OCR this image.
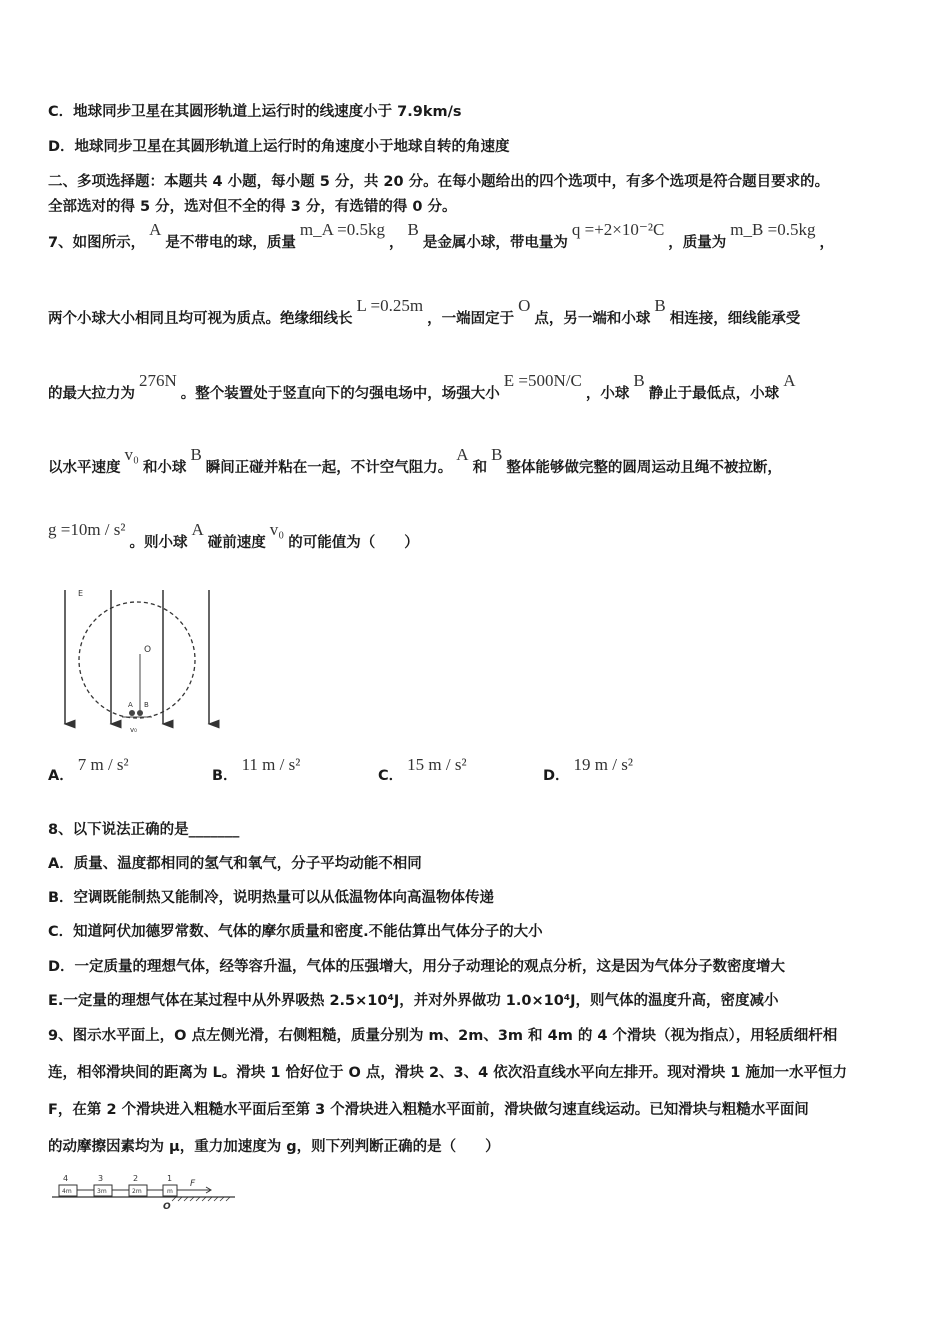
C．地球同步卫星在其圆形轨道上运行时的线速度小于 7.9km/s
D．地球同步卫星在其圆形轨道上运行时的角速度小于地球自转的角速度
二、多项选择题：本题共 4 小题，每小题 5 分，共 20 分。在每小题给出的四个选项中，有多个选项是符合题目要求的。
全部选对的得 5 分，选对但不全的得 3 分，有选错的得 0 分。
7、如图所示，A是不带电的球，质量m_A =0.5kg，B是金属小球，带电量为q =+2×10⁻²C，质量为m_B =0.5kg，
两个小球大小相同且均可视为质点。绝缘细线长L =0.25m，一端固定于O点，另一端和小球B相连接，细线能承受
的最大拉力为276N。整个装置处于竖直向下的匀强电场中，场强大小E =500N/C，小球B静止于最低点，小球A
以水平速度v₀和小球B瞬间正碰并粘在一起，不计空气阻力。A和B整体能够做完整的圆周运动且绳不被拉断，
g =10m / s²。则小球A碰前速度v₀的可能值为（　　）
E
O
A B
v₀
A．7 m / s²
B．11 m / s²
C．15 m / s²
D．19 m / s²
8、以下说法正确的是_______
A．质量、温度都相同的氢气和氧气，分子平均动能不相同
B．空调既能制热又能制冷，说明热量可以从低温物体向高温物体传递
C．知道阿伏加德罗常数、气体的摩尔质量和密度.不能估算出气体分子的大小
D．一定质量的理想气体，经等容升温，气体的压强增大，用分子动理论的观点分析，这是因为气体分子数密度增大
E.一定量的理想气体在某过程中从外界吸热 2.5×10⁴J，并对外界做功 1.0×10⁴J，则气体的温度升高，密度减小
9、图示水平面上，O 点左侧光滑，右侧粗糙，质量分别为 m、2m、3m 和 4m 的 4 个滑块（视为指点），用轻质细杆相
连，相邻滑块间的距离为 L。滑块 1 恰好位于 O 点，滑块 2、3、4 依次沿直线水平向左排开。现对滑块 1 施加一水平恒力
F，在第 2 个滑块进入粗糙水平面后至第 3 个滑块进入粗糙水平面前，滑块做匀速直线运动。已知滑块与粗糙水平面间
的动摩擦因素均为 μ，重力加速度为 g，则下列判断正确的是（　　）
4	3	2	1
4m	3m	2m	m
F
O
